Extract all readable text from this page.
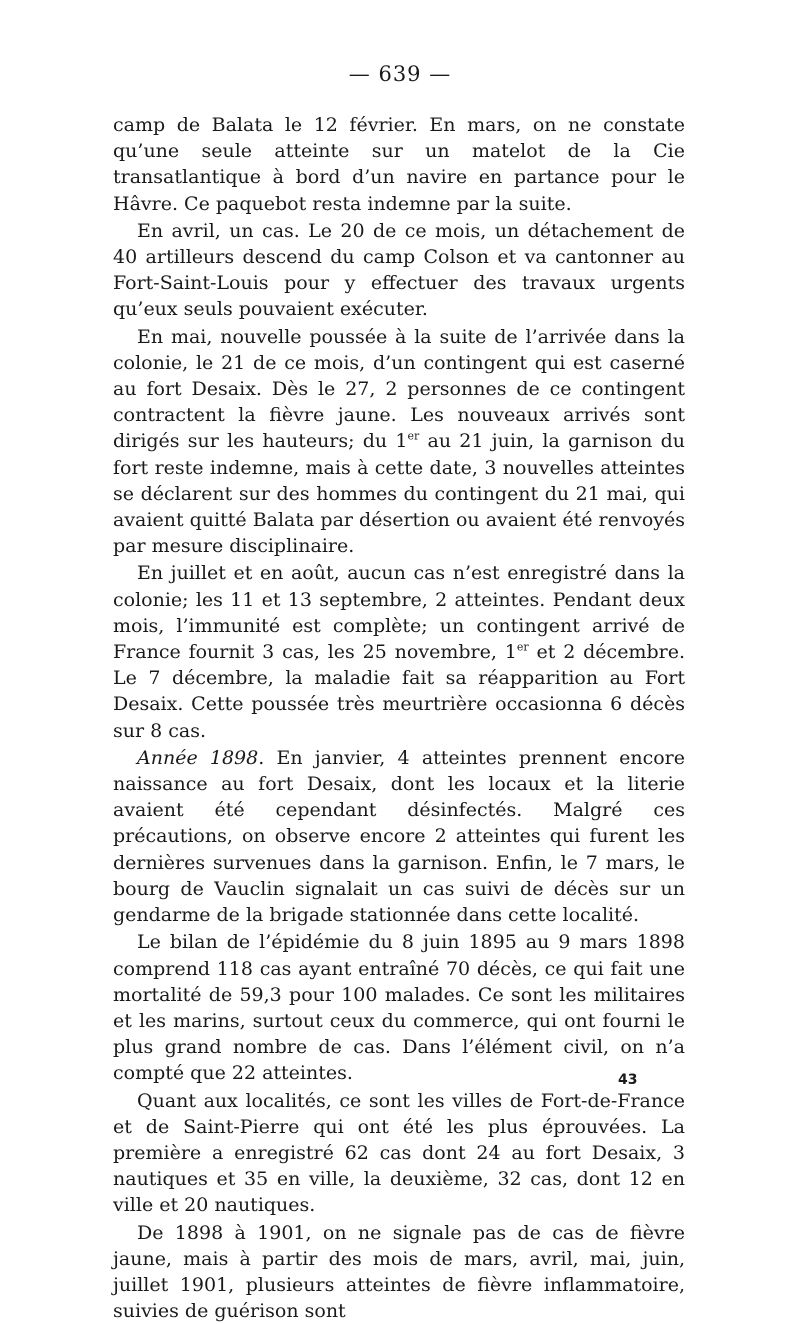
— 639 —

camp de Balata le 12 février. En mars, on ne constate qu’une seule atteinte sur un matelot de la Cie transatlantique à bord d’un navire en partance pour le Hâvre. Ce paquebot resta indemne par la suite.

En avril, un cas. Le 20 de ce mois, un détachement de 40 artilleurs descend du camp Colson et va cantonner au Fort-Saint-Louis pour y effectuer des travaux urgents qu’eux seuls pouvaient exécuter.

En mai, nouvelle poussée à la suite de l’arrivée dans la colonie, le 21 de ce mois, d’un contingent qui est caserné au fort Desaix. Dès le 27, 2 personnes de ce contingent contractent la fièvre jaune. Les nouveaux arrivés sont dirigés sur les hauteurs; du 1er au 21 juin, la garnison du fort reste indemne, mais à cette date, 3 nouvelles atteintes se déclarent sur des hommes du contingent du 21 mai, qui avaient quitté Balata par désertion ou avaient été renvoyés par mesure disciplinaire.

En juillet et en août, aucun cas n’est enregistré dans la colonie; les 11 et 13 septembre, 2 atteintes. Pendant deux mois, l’immunité est complète; un contingent arrivé de France fournit 3 cas, les 25 novembre, 1er et 2 décembre. Le 7 décembre, la maladie fait sa réapparition au Fort Desaix. Cette poussée très meurtrière occasionna 6 décès sur 8 cas.

Année 1898. En janvier, 4 atteintes prennent encore naissance au fort Desaix, dont les locaux et la literie avaient été cependant désinfectés. Malgré ces précautions, on observe encore 2 atteintes qui furent les dernières survenues dans la garnison. Enfin, le 7 mars, le bourg de Vauclin signalait un cas suivi de décès sur un gendarme de la brigade stationnée dans cette localité.

Le bilan de l’épidémie du 8 juin 1895 au 9 mars 1898 comprend 118 cas ayant entraîné 70 décès, ce qui fait une mortalité de 59,3 pour 100 malades. Ce sont les militaires et les marins, surtout ceux du commerce, qui ont fourni le plus grand nombre de cas. Dans l’élément civil, on n’a compté que 22 atteintes.

Quant aux localités, ce sont les villes de Fort-de-France et de Saint-Pierre qui ont été les plus éprouvées. La première a enregistré 62 cas dont 24 au fort Desaix, 3 nautiques et 35 en ville, la deuxième, 32 cas, dont 12 en ville et 20 nautiques.

De 1898 à 1901, on ne signale pas de cas de fièvre jaune, mais à partir des mois de mars, avril, mai, juin, juillet 1901, plusieurs atteintes de fièvre inflammatoire, suivies de guérison sont

43
